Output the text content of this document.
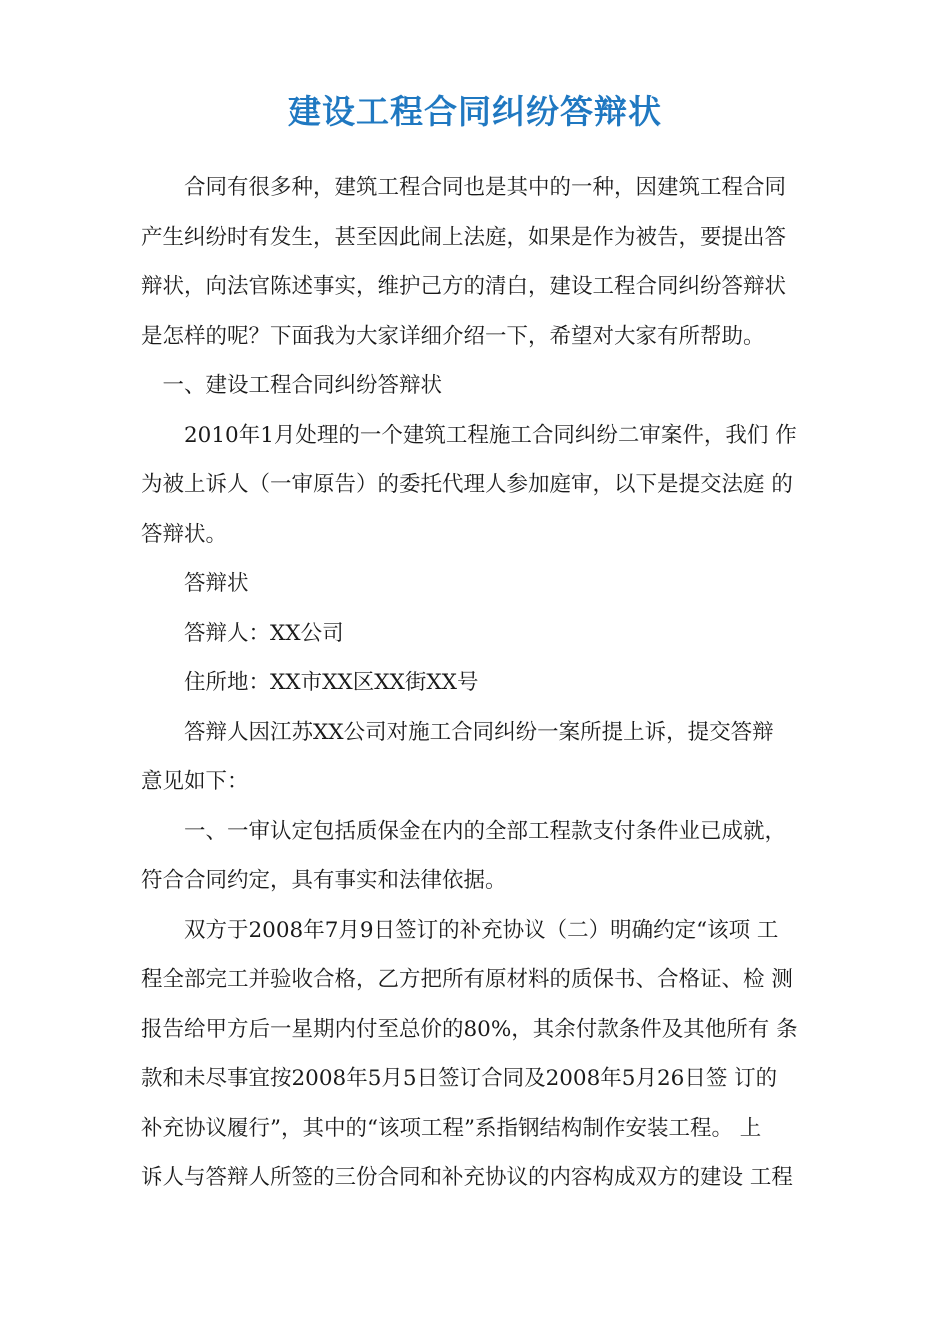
建设工程合同纠纷答辩状

合同有很多种，建筑工程合同也是其中的一种，因建筑工程合同
产生纠纷时有发生，甚至因此闹上法庭，如果是作为被告，要提出答
辩状，向法官陈述事实，维护己方的清白，建设工程合同纠纷答辩状
是怎样的呢？下面我为大家详细介绍一下，希望对大家有所帮助。

一、建设工程合同纠纷答辩状

2010年1月处理的一个建筑工程施工合同纠纷二审案件，我们 作
为被上诉人（一审原告）的委托代理人参加庭审，以下是提交法庭 的
答辩状。

答辩状

答辩人：XX公司

住所地：XX市XX区XX街XX号

答辩人因江苏XX公司对施工合同纠纷一案所提上诉，提交答辩
意见如下：

一、一审认定包括质保金在内的全部工程款支付条件业已成就，
符合合同约定，具有事实和法律依据。

双方于2008年7月9日签订的补充协议（二）明确约定“该项 工
程全部完工并验收合格，乙方把所有原材料的质保书、合格证、检 测
报告给甲方后一星期内付至总价的80%，其余付款条件及其他所有 条
款和未尽事宜按2008年5月5日签订合同及2008年5月26日签 订的
补充协议履行”，其中的“该项工程”系指钢结构制作安装工程。 上
诉人与答辩人所签的三份合同和补充协议的内容构成双方的建设 工程
